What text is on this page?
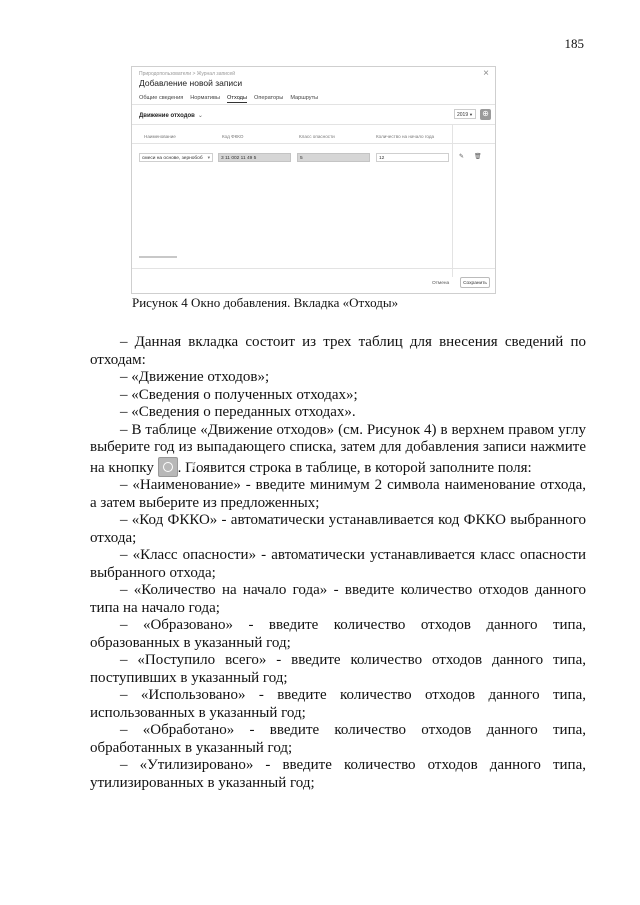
185
Природопользователи > Журнал записей	×
Добавление новой записи
Общие сведения Нормативы Отходы Операторы Маршруты
Движение отходов ⌄	2019 ▼ ⊕
Наименование	Код ФККО	Класс опасности	Количество на начало года
смеси на основе, зернобоб ▾	3 11 002 11 49 5	5	12	✎ 🗑
Отмена	Сохранить
Рисунок 4 Окно добавления. Вкладка «Отходы»

– Данная вкладка состоит из трех таблиц для внесения сведений по отходам:

– «Движение отходов»;

– «Сведения о полученных отходах»;

– «Сведения о переданных отходах».

– В таблице «Движение отходов» (см. Рисунок 4) в верхнем правом углу выберите год из выпадающего списка, затем для добавления записи нажмите на кнопку + . Появится строка в таблице, в которой заполните поля:

– «Наименование» - введите минимум 2 символа наименование отхода, а затем выберите из предложенных;

– «Код ФККО» - автоматически устанавливается код ФККО выбранного отхода;

– «Класс опасности» - автоматически устанавливается класс опасности выбранного отхода;

– «Количество на начало года» - введите количество отходов данного типа на начало года;

– «Образовано» - введите количество отходов данного типа, образованных в указанный год;

– «Поступило всего» - введите количество отходов данного типа, поступивших в указанный год;

– «Использовано» - введите количество отходов данного типа, использованных в указанный год;

– «Обработано» - введите количество отходов данного типа, обработанных в указанный год;

– «Утилизировано» - введите количество отходов данного типа, утилизированных в указанный год;
